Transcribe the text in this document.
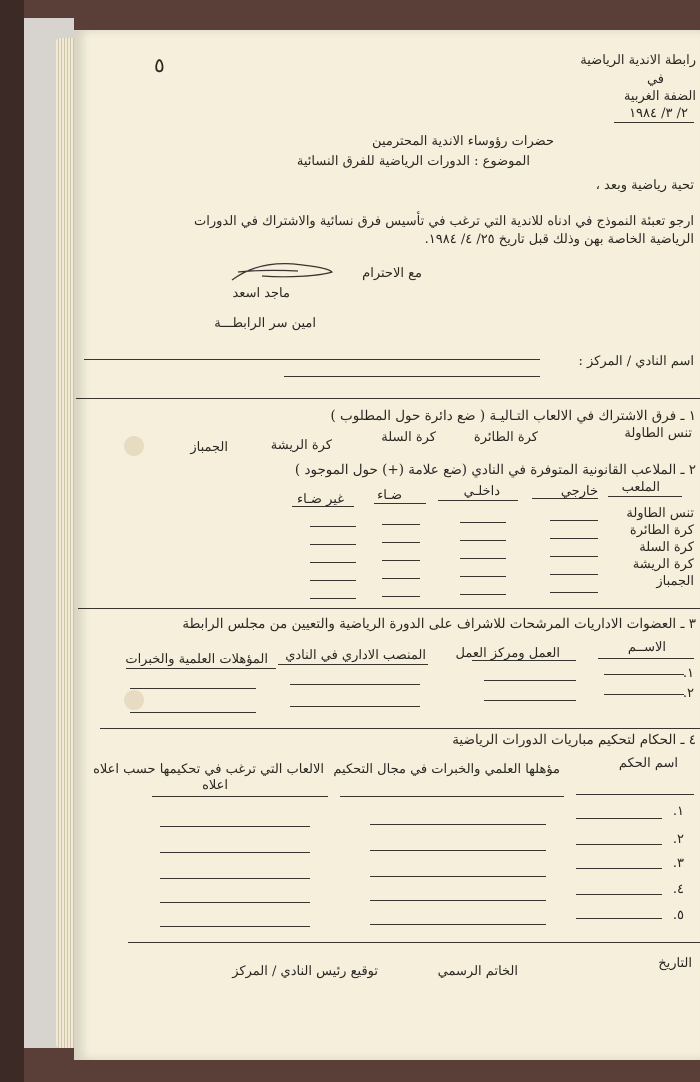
رابطة الاندية الرياضية
في
الضفة الغربية
٢/ ٣/ ١٩٨٤
٥
حضرات رؤوساء الاندية المحترمين
الموضوع : الدورات الرياضية للفرق النسائية
تحية رياضية وبعد ،
ارجو تعبئة النموذج في ادناه للاندية التي ترغب في تأسيس فرق نسائية والاشتراك في الدورات
الرياضية الخاصة بهن وذلك قبل تاريخ ٢٥/ ٤/ ١٩٨٤.
مع الاحترام
ماجد اسعد
امين سر الرابطـــة
اسم النادي / المركز :
١ ـ فرق الاشتراك في الالعاب التـاليـة ( ضع دائرة حول المطلوب )
تنس الطاولة
كرة الطائرة
كرة السلة
كرة الريشة
الجمباز
٢ ـ الملاعب القانونية المتوفرة في النادي (ضع علامة (+) حول الموجود )
الملعب
خارجي
داخلـي
ضـاء
غير ضـاء
تنس الطاولة
كرة الطائرة
كرة السلة
كرة الريشة
الجمباز
٣ ـ العضوات الاداريات المرشحات للاشراف على الدورة الرياضية والتعيين من مجلس الرابطة
الاســم
العمل ومركز العمل
المنصب الاداري في النادي
المؤهلات العلمية والخبرات
١.
٢.
٤ ـ الحكام لتحكيم مباريات الدورات الرياضية
اسم الحكم
مؤهلها العلمي والخبرات في مجال التحكيم
الالعاب التي ترغب في تحكيمها حسب اعلاه
اعلاه
١.
٢.
٣.
٤.
٥.
التاريخ
الخاتم الرسمي
توقيع رئيس النادي / المركز
